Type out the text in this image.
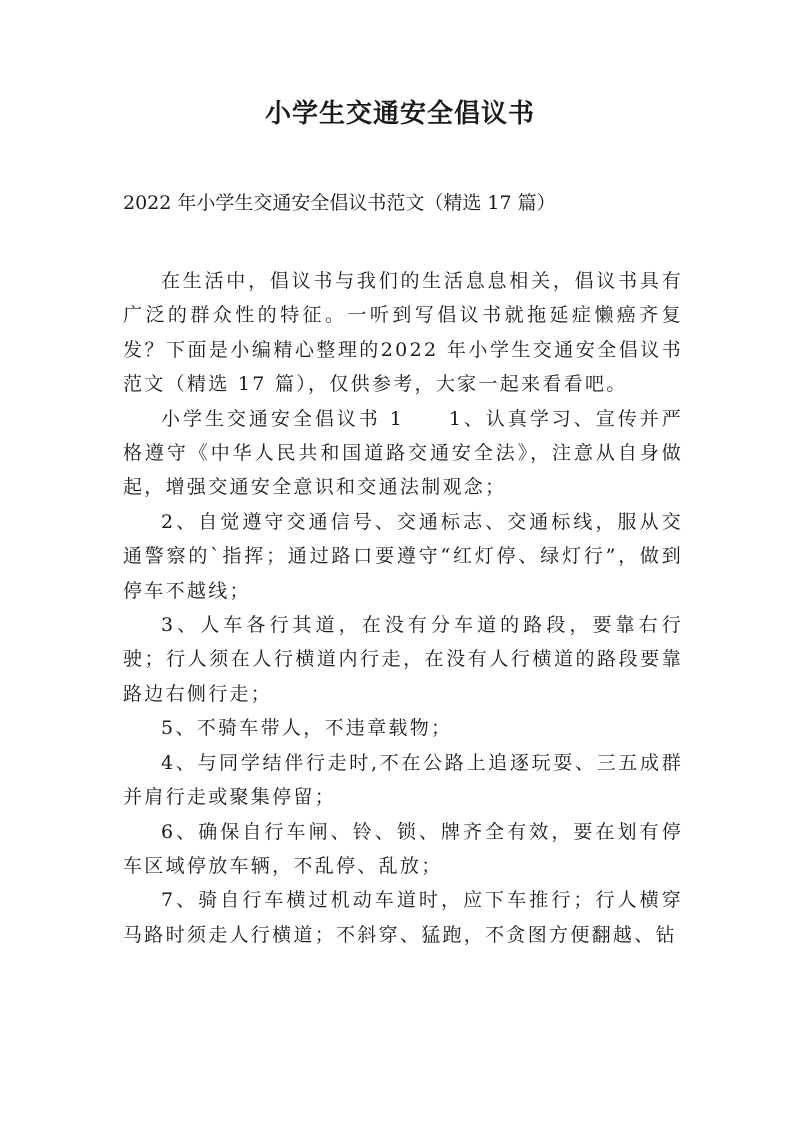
小学生交通安全倡议书
2022 年小学生交通安全倡议书范文（精选 17 篇）

在生活中，倡议书与我们的生活息息相关，倡议书具有广泛的群众性的特征。一听到写倡议书就拖延症懒癌齐复发？下面是小编精心整理的2022 年小学生交通安全倡议书范文（精选 17 篇），仅供参考，大家一起来看看吧。

小学生交通安全倡议书 1　　1、认真学习、宣传并严格遵守《中华人民共和国道路交通安全法》，注意从自身做起，增强交通安全意识和交通法制观念；

2、自觉遵守交通信号、交通标志、交通标线，服从交通警察的`指挥；通过路口要遵守“红灯停、绿灯行”，做到停车不越线；

3、人车各行其道，在没有分车道的路段，要靠右行驶；行人须在人行横道内行走，在没有人行横道的路段要靠路边右侧行走；

5、不骑车带人，不违章载物；

4、与同学结伴行走时,不在公路上追逐玩耍、三五成群并肩行走或聚集停留；

6、确保自行车闸、铃、锁、牌齐全有效，要在划有停车区域停放车辆，不乱停、乱放；

7、骑自行车横过机动车道时，应下车推行；行人横穿马路时须走人行横道；不斜穿、猛跑，不贪图方便翻越、钻
